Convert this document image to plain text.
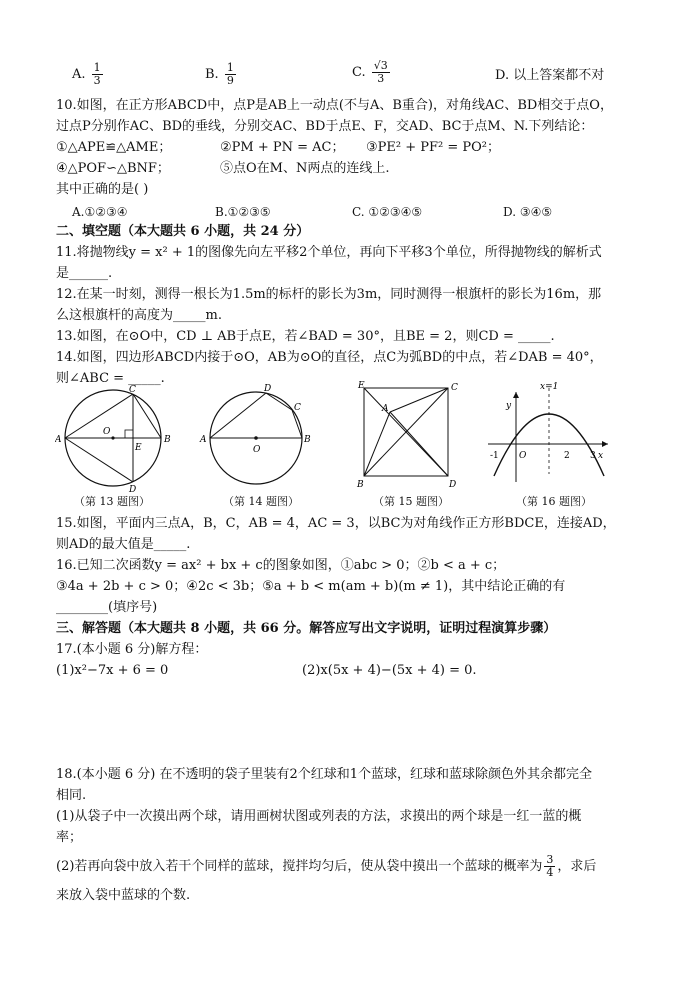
A. $\frac{1}{3}$	B. $\frac{1}{9}$	C. $\frac{√3}{3}$	D. 以上答案都不对
10.如图，在正方形ABCD中，点P是AB上一动点(不与A、B重合)，对角线AC、BD相交于点O，
过点P分别作AC、BD的垂线，分别交AC、BD于点E、F，交AD、BC于点M、N.下列结论：
①△APE≌△AME；	②PM + PN = AC； ③PE² + PF² = PO²；
④△POF∽△BNF；	⑤点O在M、N两点的连线上.
其中正确的是( )
A.①②③④	B.①②③⑤	C. ①②③④⑤	D. ③④⑤
二、填空题（本大题共 6 小题，共 24 分）
11.将抛物线y = x² + 1的图像先向左平移2个单位，再向下平移3个单位，所得抛物线的解析式
是______.
12.在某一时刻，测得一根长为1.5m的标杆的影长为3m，同时测得一根旗杆的影长为16m，那
么这根旗杆的高度为_____m.
13.如图，在⊙O中，CD ⊥ AB于点E，若∠BAD = 30°，且BE = 2，则CD = _____.
14.如图，四边形ABCD内接于⊙O，AB为⊙O的直径，点C为弧BD的中点，若∠DAB = 40°，
则∠ABC = _____.
A	B
C
D
E
O
（第 13 题图）
A	B
C
D
O
（第 14 题图）
E	C
A
B	D
（第 15 题图）
y
x=1
O
-1	2 3 x
（第 16 题图）
15.如图，平面内三点A，B，C，AB = 4，AC = 3，以BC为对角线作正方形BDCE，连接AD，
则AD的最大值是_____.
16.已知二次函数y = ax² + bx + c的图象如图，①abc > 0；②b < a + c；
③4a + 2b + c > 0；④2c < 3b；⑤a + b < m(am + b)(m ≠ 1)，其中结论正确的有
________(填序号)
三、解答题（本大题共 8 小题，共 66 分。解答应写出文字说明，证明过程演算步骤）
17.(本小题 6 分)解方程：
(1)x²−7x + 6 = 0	(2)x(5x + 4)−(5x + 4) = 0.
18.(本小题 6 分) 在不透明的袋子里装有2个红球和1个蓝球，红球和蓝球除颜色外其余都完全
相同.
(1)从袋子中一次摸出两个球，请用画树状图或列表的方法，求摸出的两个球是一红一蓝的概
率；
(2)若再向袋中放入若干个同样的蓝球，搅拌均匀后，使从袋中摸出一个蓝球的概率为 $\frac{3}{4}$ ，求后
来放入袋中蓝球的个数.
